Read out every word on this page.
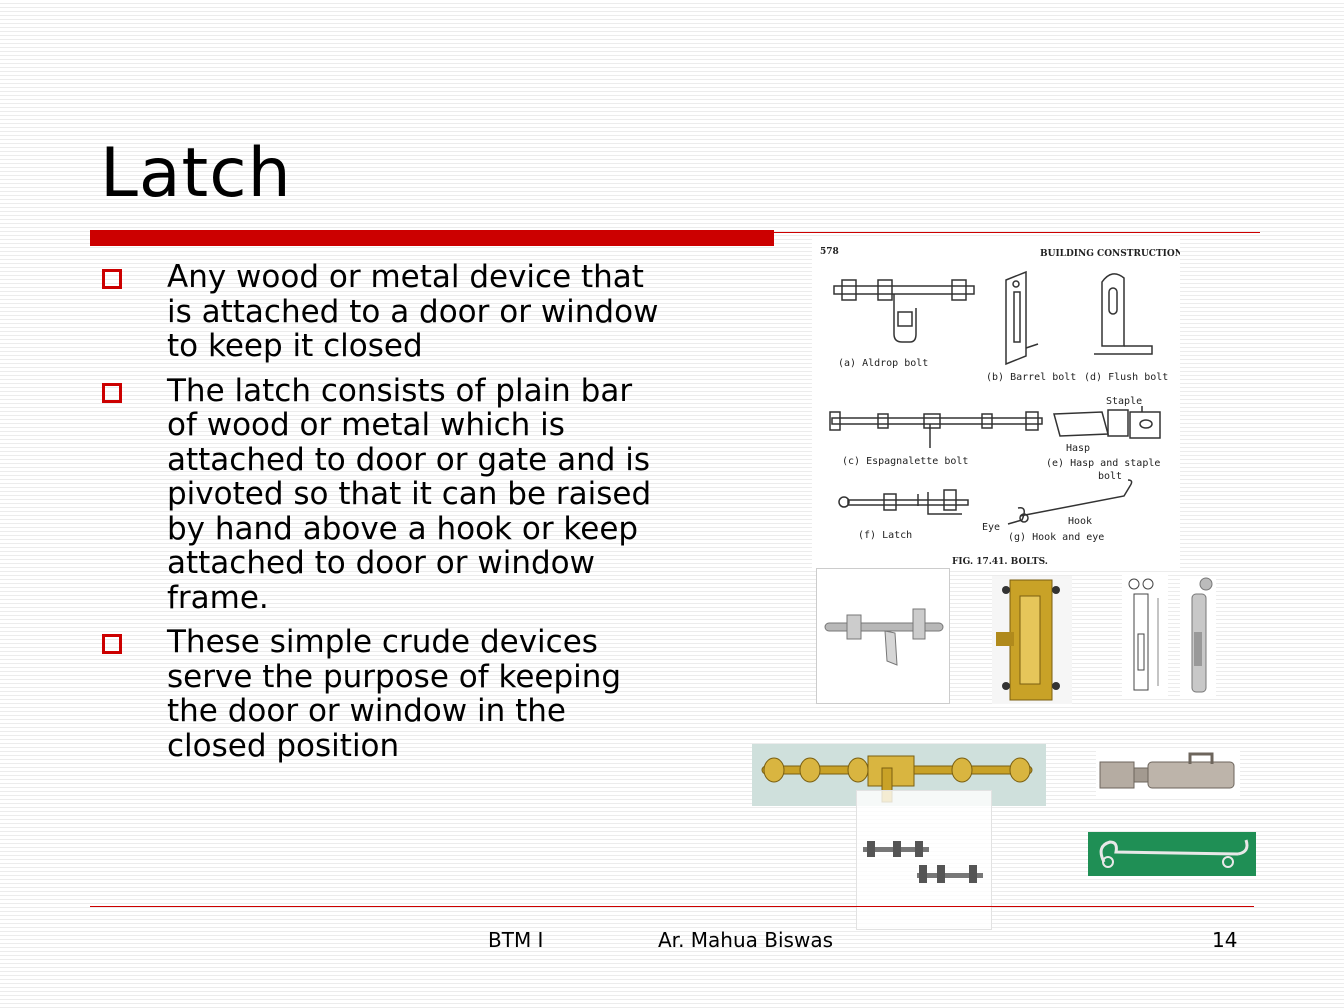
Latch
Any wood or metal device that is attached to a door or window to keep it closed
The latch consists of plain bar of wood or metal which is attached to door or gate and is pivoted so that it can be raised by hand above a hook or keep attached to door or window frame.
These simple crude devices serve the purpose of keeping the door or window in the closed position
578	BUILDING CONSTRUCTION
(a) Aldrop bolt
(b) Barrel bolt (d) Flush bolt
(c) Espagnalette bolt
Staple
Hasp
(e) Hasp and staple
bolt
(f) Latch
Eye
Hook
(g) Hook and eye
FIG. 17.41. BOLTS.
BTM I	Ar. Mahua Biswas	14
